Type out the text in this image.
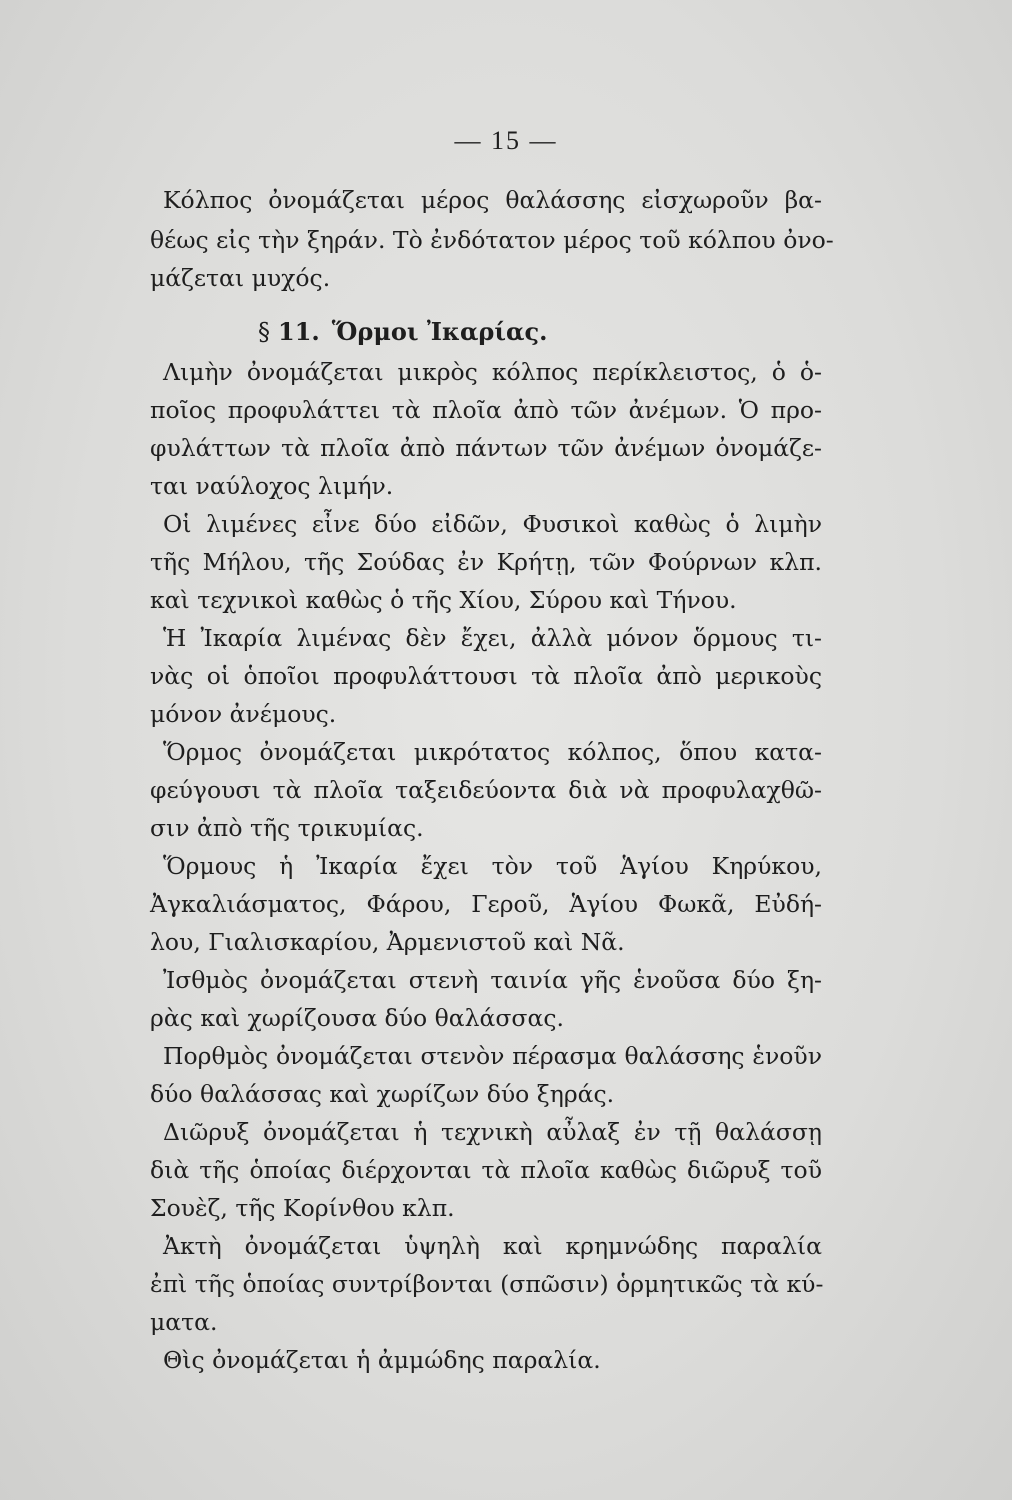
— 15 —
Κόλπος ὀνομάζεται μέρος θαλάσσης εἰσχωροῦν βα-
θέως εἰς τὴν ξηράν. Τὸ ἐνδότατον μέρος τοῦ κόλπου ὀνο-
μάζεται μυχός.
§ 11. Ὅρμοι Ἰκαρίας.
Λιμὴν ὀνομάζεται μικρὸς κόλπος περίκλειστος, ὁ ὁ-
ποῖος προφυλάττει τὰ πλοῖα ἀπὸ τῶν ἀνέμων. Ὁ προ-
φυλάττων τὰ πλοῖα ἀπὸ πάντων τῶν ἀνέμων ὀνομάζε-
ται ναύλοχος λιμήν.
Οἱ λιμένες εἶνε δύο εἰδῶν, Φυσικοὶ καθὼς ὁ λιμὴν
τῆς Μήλου, τῆς Σούδας ἐν Κρήτῃ, τῶν Φούρνων κλπ.
καὶ τεχνικοὶ καθὼς ὁ τῆς Χίου, Σύρου καὶ Τήνου.
Ἡ Ἰκαρία λιμένας δὲν ἔχει, ἀλλὰ μόνον ὅρμους τι-
νὰς οἱ ὁποῖοι προφυλάττουσι τὰ πλοῖα ἀπὸ μερικοὺς
μόνον ἀνέμους.
Ὅρμος ὀνομάζεται μικρότατος κόλπος, ὅπου κατα-
φεύγουσι τὰ πλοῖα ταξειδεύοντα διὰ νὰ προφυλαχθῶ-
σιν ἀπὸ τῆς τρικυμίας.
Ὅρμους ἡ Ἰκαρία ἔχει τὸν τοῦ Ἁγίου Κηρύκου,
Ἀγκαλιάσματος, Φάρου, Γεροῦ, Ἁγίου Φωκᾶ, Εὐδή-
λου, Γιαλισκαρίου, Ἀρμενιστοῦ καὶ Νᾶ.
Ἰσθμὸς ὀνομάζεται στενὴ ταινία γῆς ἑνοῦσα δύο ξη-
ρὰς καὶ χωρίζουσα δύο θαλάσσας.
Πορθμὸς ὀνομάζεται στενὸν πέρασμα θαλάσσης ἑνοῦν
δύο θαλάσσας καὶ χωρίζων δύο ξηράς.
Διῶρυξ ὀνομάζεται ἡ τεχνικὴ αὖλαξ ἐν τῇ θαλάσσῃ
διὰ τῆς ὁποίας διέρχονται τὰ πλοῖα καθὼς διῶρυξ τοῦ
Σουὲζ, τῆς Κορίνθου κλπ.
Ἀκτὴ ὀνομάζεται ὑψηλὴ καὶ κρημνώδης παραλία
ἐπὶ τῆς ὁποίας συντρίβονται (σπῶσιν) ὁρμητικῶς τὰ κύ-
ματα.
Θὶς ὀνομάζεται ἡ ἀμμώδης παραλία.
